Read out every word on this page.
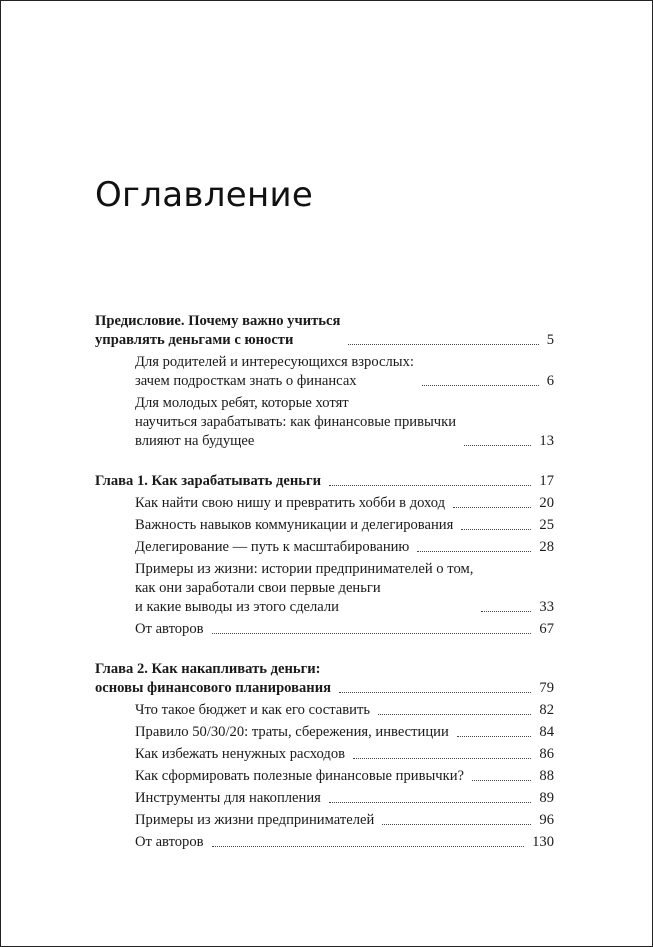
Оглавление
Предисловие. Почему важно учиться
управлять деньгами с юности	5
Для родителей и интересующихся взрослых:
зачем подросткам знать о финансах	6
Для молодых ребят, которые хотят
научиться зарабатывать: как финансовые привычки
влияют на будущее	13
Глава 1. Как зарабатывать деньги	17
Как найти свою нишу и превратить хобби в доход	20
Важность навыков коммуникации и делегирования	25
Делегирование — путь к масштабированию	28
Примеры из жизни: истории предпринимателей о том,
как они заработали свои первые деньги
и какие выводы из этого сделали	33
От авторов	67
Глава 2. Как накапливать деньги:
основы финансового планирования	79
Что такое бюджет и как его составить	82
Правило 50/30/20: траты, сбережения, инвестиции	84
Как избежать ненужных расходов	86
Как сформировать полезные финансовые привычки?	88
Инструменты для накопления	89
Примеры из жизни предпринимателей	96
От авторов	130
